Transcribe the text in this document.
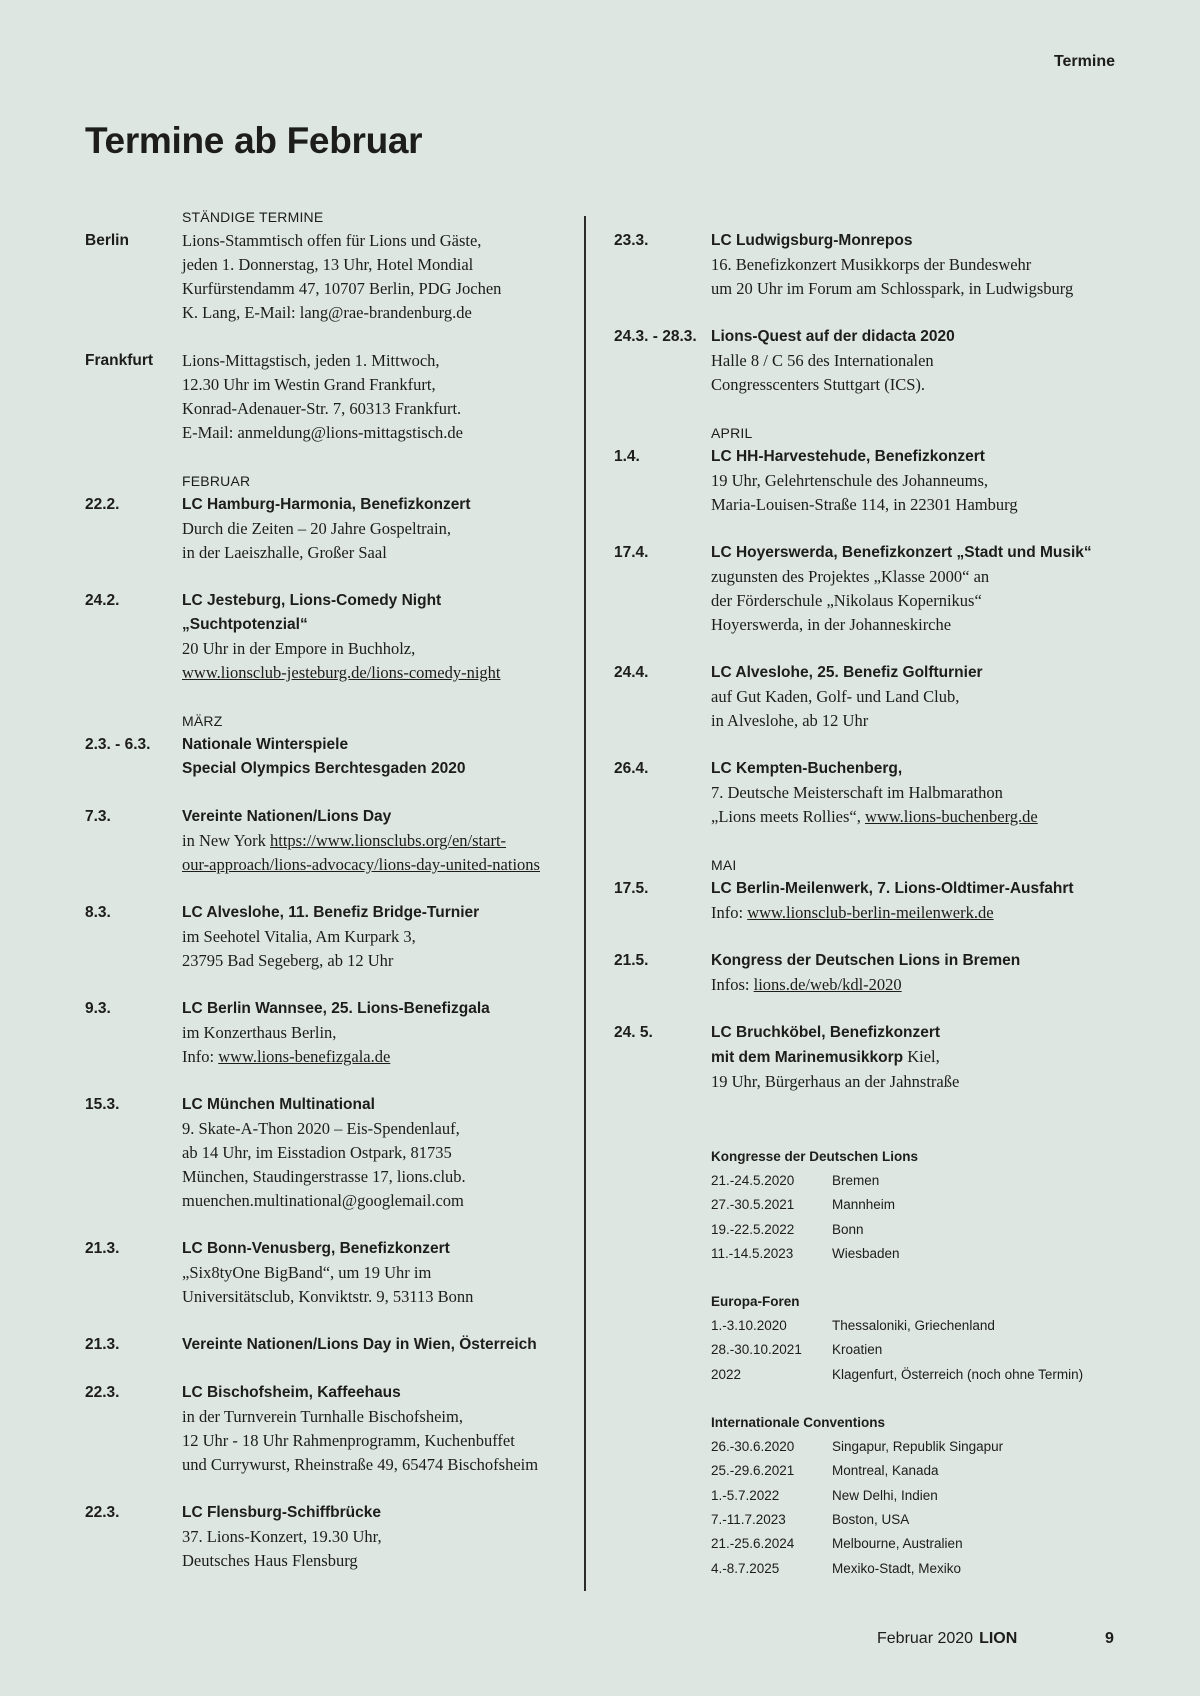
Termine
Termine ab Februar
STÄNDIGE TERMINE
Berlin	Lions-Stammtisch offen für Lions und Gäste,
jeden 1. Donnerstag, 13 Uhr, Hotel Mondial
Kurfürstendamm 47, 10707 Berlin, PDG Jochen
K. Lang, E-Mail: lang@rae-brandenburg.de
Frankfurt	Lions-Mittagstisch, jeden 1. Mittwoch,
12.30 Uhr im Westin Grand Frankfurt,
Konrad-Adenauer-Str. 7, 60313 Frankfurt.
E-Mail: anmeldung@lions-mittagstisch.de
FEBRUAR
22.2.	LC Hamburg-Harmonia, Benefizkonzert
Durch die Zeiten – 20 Jahre Gospeltrain,
in der Laeiszhalle, Großer Saal
24.2.	LC Jesteburg, Lions-Comedy Night
„Suchtpotenzial“
20 Uhr in der Empore in Buchholz,
www.lionsclub-jesteburg.de/lions-comedy-night
MÄRZ
2.3. - 6.3.	Nationale Winterspiele
Special Olympics Berchtesgaden 2020
7.3.	Vereinte Nationen/Lions Day
in New York https://www.lionsclubs.org/en/start-
our-approach/lions-advocacy/lions-day-united-nations
8.3.	LC Alveslohe, 11. Benefiz Bridge-Turnier
im Seehotel Vitalia, Am Kurpark 3,
23795 Bad Segeberg, ab 12 Uhr
9.3.	LC Berlin Wannsee, 25. Lions-Benefizgala
im Konzerthaus Berlin,
Info: www.lions-benefizgala.de
15.3.	LC München Multinational
9. Skate-A-Thon 2020 – Eis-Spendenlauf,
ab 14 Uhr, im Eisstadion Ostpark, 81735
München, Staudingerstrasse 17, lions.club.
muenchen.multinational@googlemail.com
21.3.	LC Bonn-Venusberg, Benefizkonzert
„Six8tyOne BigBand“, um 19 Uhr im
Universitätsclub, Konviktstr. 9, 53113 Bonn
21.3.	Vereinte Nationen/Lions Day in Wien, Österreich
22.3.	LC Bischofsheim, Kaffeehaus
in der Turnverein Turnhalle Bischofsheim,
12 Uhr - 18 Uhr Rahmenprogramm, Kuchenbuffet
und Currywurst, Rheinstraße 49, 65474 Bischofsheim
22.3.	LC Flensburg-Schiffbrücke
37. Lions-Konzert, 19.30 Uhr,
Deutsches Haus Flensburg
23.3.	LC Ludwigsburg-Monrepos
16. Benefizkonzert Musikkorps der Bundeswehr
um 20 Uhr im Forum am Schlosspark, in Ludwigsburg
24.3. - 28.3. Lions-Quest auf der didacta 2020
Halle 8 / C 56 des Internationalen
Congresscenters Stuttgart (ICS).
APRIL
1.4.	LC HH-Harvestehude, Benefizkonzert
19 Uhr, Gelehrtenschule des Johanneums,
Maria-Louisen-Straße 114, in 22301 Hamburg
17.4.	LC Hoyerswerda, Benefizkonzert „Stadt und Musik“
zugunsten des Projektes „Klasse 2000“ an
der Förderschule „Nikolaus Kopernikus“
Hoyerswerda, in der Johanneskirche
24.4.	LC Alveslohe, 25. Benefiz Golfturnier
auf Gut Kaden, Golf- und Land Club,
in Alveslohe, ab 12 Uhr
26.4.	LC Kempten-Buchenberg,
7. Deutsche Meisterschaft im Halbmarathon
„Lions meets Rollies“, www.lions-buchenberg.de
MAI
17.5.	LC Berlin-Meilenwerk, 7. Lions-Oldtimer-Ausfahrt
Info: www.lionsclub-berlin-meilenwerk.de
21.5.	Kongress der Deutschen Lions in Bremen
Infos: lions.de/web/kdl-2020
24. 5.	LC Bruchköbel, Benefizkonzert
mit dem Marinemusikkorp Kiel,
19 Uhr, Bürgerhaus an der Jahnstraße
Kongresse der Deutschen Lions
21.-24.5.2020	Bremen
27.-30.5.2021	Mannheim
19.-22.5.2022	Bonn
11.-14.5.2023	Wiesbaden
Europa-Foren
1.-3.10.2020	Thessaloniki, Griechenland
28.-30.10.2021	Kroatien
2022	Klagenfurt, Österreich (noch ohne Termin)
Internationale Conventions
26.-30.6.2020	Singapur, Republik Singapur
25.-29.6.2021	Montreal, Kanada
1.-5.7.2022	New Delhi, Indien
7.-11.7.2023	Boston, USA
21.-25.6.2024	Melbourne, Australien
4.-8.7.2025	Mexiko-Stadt, Mexiko
Februar 2020 LION	9
